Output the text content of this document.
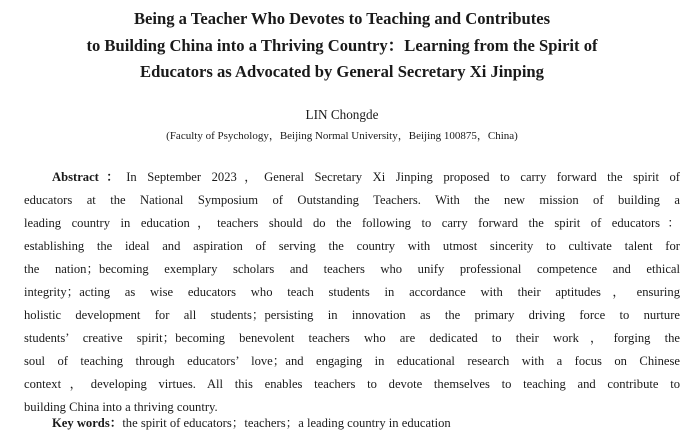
Being a Teacher Who Devotes to Teaching and Contributes
to Building China into a Thriving Country：Learning from the Spirit of
Educators as Advocated by General Secretary Xi Jinping

LIN Chongde

(Faculty of Psychology，Beijing Normal University，Beijing 100875，China)

Abstract：In September 2023，General Secretary Xi Jinping proposed to carry forward the spirit of
educators at the National Symposium of Outstanding Teachers. With the new mission of building a
leading country in education，teachers should do the following to carry forward the spirit of educators：
establishing the ideal and aspiration of serving the country with utmost sincerity to cultivate talent for
the nation；becoming exemplary scholars and teachers who unify professional competence and ethical
integrity；acting as wise educators who teach students in accordance with their aptitudes，ensuring
holistic development for all students；persisting in innovation as the primary driving force to nurture
students’ creative spirit；becoming benevolent teachers who are dedicated to their work，forging the
soul of teaching through educators’ love；and engaging in educational research with a focus on Chinese
context，developing virtues. All this enables teachers to devote themselves to teaching and contribute to
building China into a thriving country.

Key words：the spirit of educators；teachers；a leading country in education
